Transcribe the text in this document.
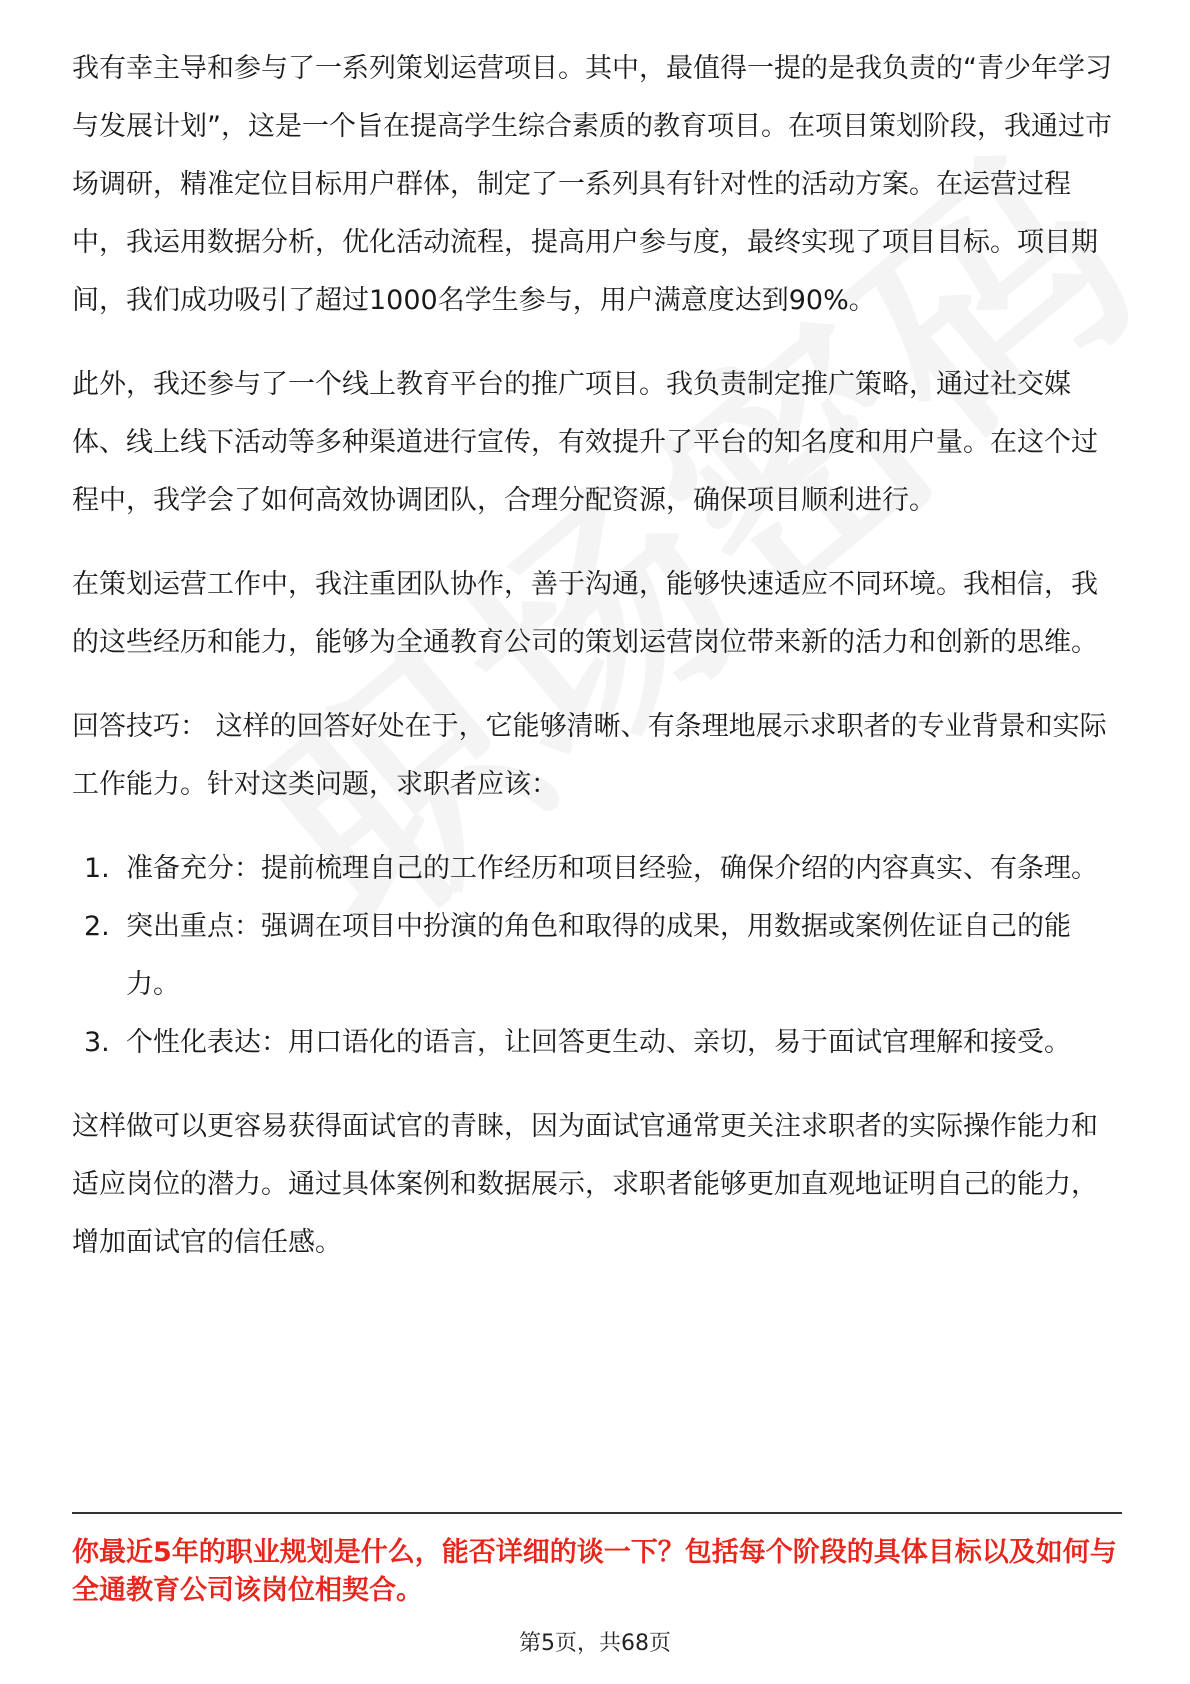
我有幸主导和参与了一系列策划运营项目。其中，最值得一提的是我负责的“青少年学习与发展计划”，这是一个旨在提高学生综合素质的教育项目。在项目策划阶段，我通过市场调研，精准定位目标用户群体，制定了一系列具有针对性的活动方案。在运营过程中，我运用数据分析，优化活动流程，提高用户参与度，最终实现了项目目标。项目期间，我们成功吸引了超过1000名学生参与，用户满意度达到90%。

此外，我还参与了一个线上教育平台的推广项目。我负责制定推广策略，通过社交媒体、线上线下活动等多种渠道进行宣传，有效提升了平台的知名度和用户量。在这个过程中，我学会了如何高效协调团队，合理分配资源，确保项目顺利进行。

在策划运营工作中，我注重团队协作，善于沟通，能够快速适应不同环境。我相信，我的这些经历和能力，能够为全通教育公司的策划运营岗位带来新的活力和创新的思维。

回答技巧： 这样的回答好处在于，它能够清晰、有条理地展示求职者的专业背景和实际工作能力。针对这类问题，求职者应该：

1. 准备充分：提前梳理自己的工作经历和项目经验，确保介绍的内容真实、有条理。
2. 突出重点：强调在项目中扮演的角色和取得的成果，用数据或案例佐证自己的能力。
3. 个性化表达：用口语化的语言，让回答更生动、亲切，易于面试官理解和接受。

这样做可以更容易获得面试官的青睐，因为面试官通常更关注求职者的实际操作能力和适应岗位的潜力。通过具体案例和数据展示，求职者能够更加直观地证明自己的能力，增加面试官的信任感。

你最近5年的职业规划是什么，能否详细的谈一下？包括每个阶段的具体目标以及如何与全通教育公司该岗位相契合。
第5页，共68页
